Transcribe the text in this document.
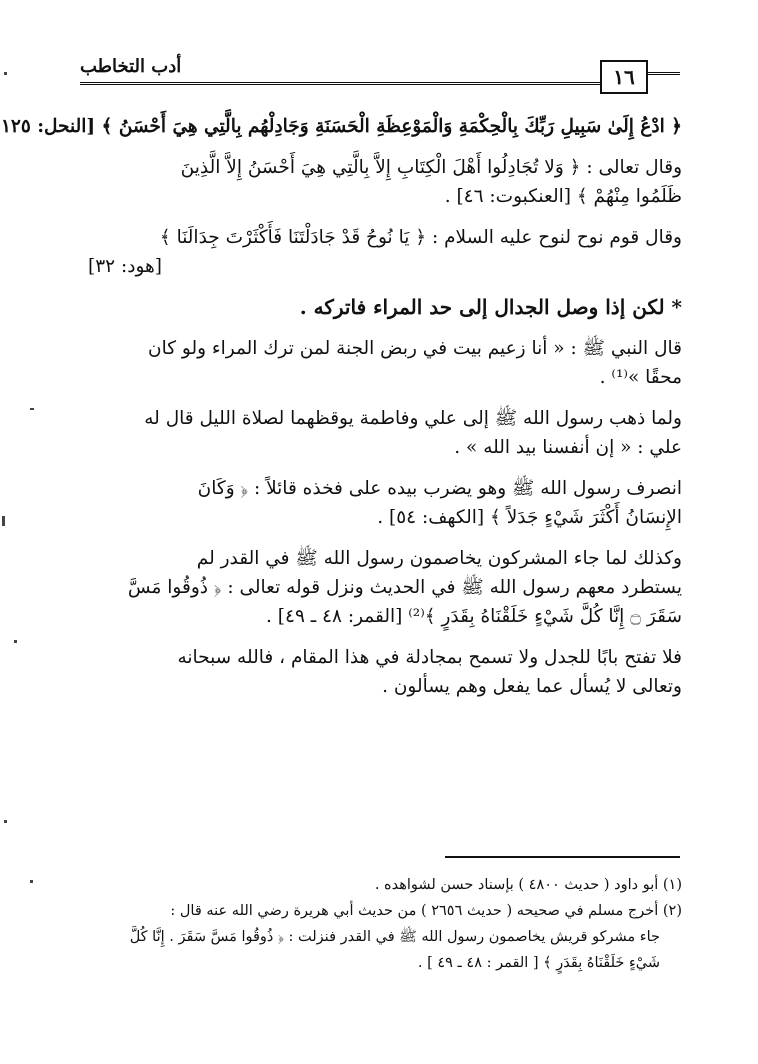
أدب التخاطب	١٦

﴿ ادْعُ إِلَىٰ سَبِيلِ رَبِّكَ بِالْحِكْمَةِ وَالْمَوْعِظَةِ الْحَسَنَةِ وَجَادِلْهُم بِالَّتِي هِيَ أَحْسَنُ ﴾ [النحل: ١٢٥

وقال تعالى : ﴿ وَلا تُجَادِلُوا أَهْلَ الْكِتَابِ إِلاَّ بِالَّتِي هِيَ أَحْسَنُ إِلاَّ الَّذِينَ

ظَلَمُوا مِنْهُمْ ﴾ [العنكبوت: ٤٦] .

وقال قوم نوح لنوح عليه السلام : ﴿ يَا نُوحُ قَدْ جَادَلْتَنَا فَأَكْثَرْتَ جِدَالَنَا ﴾

[هود: ٣٢]

* لكن إذا وصل الجدال إلى حد المراء فاتركه .

قال النبي ﷺ : « أنا زعيم بيت في ربض الجنة لمن ترك المراء ولو كان

محقًا »⁽¹⁾ .

ولما ذهب رسول الله ﷺ إلى علي وفاطمة يوقظهما لصلاة الليل قال له

علي : « إن أنفسنا بيد الله » .

انصرف رسول الله ﷺ وهو يضرب بيده على فخذه قائلاً : ﴿ وَكَانَ

الإِنسَانُ أَكْثَرَ شَيْءٍ جَدَلاً ﴾ [الكهف: ٥٤] .

وكذلك لما جاء المشركون يخاصمون رسول الله ﷺ في القدر لم

يستطرد معهم رسول الله ﷺ في الحديث ونزل قوله تعالى : ﴿ ذُوقُوا مَسَّ

سَقَرَ ۝ إِنَّا كُلَّ شَيْءٍ خَلَقْنَاهُ بِقَدَرٍ ﴾⁽²⁾ [القمر: ٤٨ ـ ٤٩] .

فلا تفتح بابًا للجدل ولا تسمح بمجادلة في هذا المقام ، فالله سبحانه

وتعالى لا يُسأل عما يفعل وهم يسألون .

(١) أبو داود ( حديث ٤٨٠٠ ) بإسناد حسن لشواهده .

(٢) أخرج مسلم في صحيحه ( حديث ٢٦٥٦ ) من حديث أبي هريرة رضي الله عنه قال :

جاء مشركو قريش يخاصمون رسول الله ﷺ في القدر فنزلت : ﴿ ذُوقُوا مَسَّ سَقَرَ . إِنَّا كُلَّ

شَيْءٍ خَلَقْنَاهُ بِقَدَرٍ ﴾ [ القمر : ٤٨ ـ ٤٩ ] .
